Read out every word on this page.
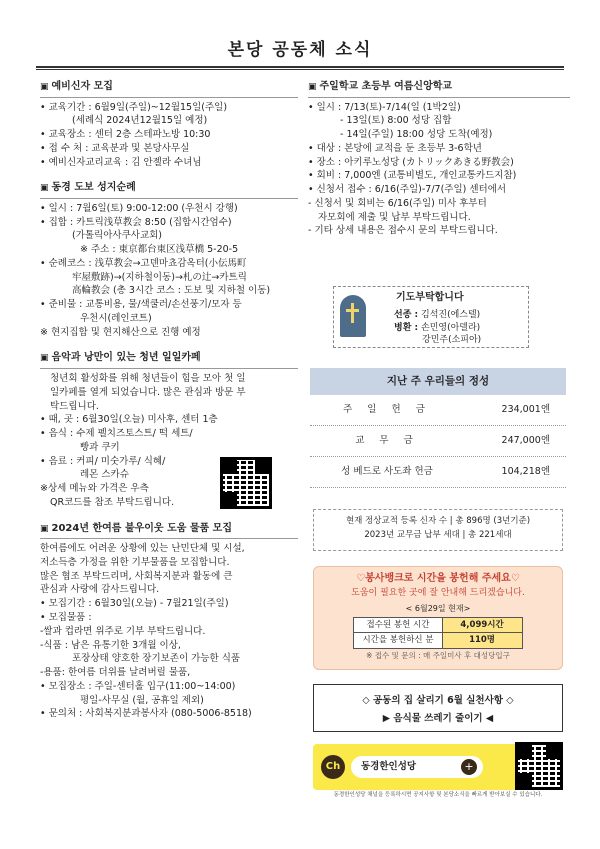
본당 공동체 소식
▣ 예비신자 모집
• 교육기간 : 6월9일(주일)~12월15일(주일)
(세례식 2024년12월15일 예정)
• 교육장소 : 센터 2층 스테파노방 10:30
• 접 수 처 : 교육분과 및 본당사무실
• 예비신자교리교육 : 김 안젤라 수녀님
▣ 동경 도보 성지순례
• 일시 : 7월6일(토) 9:00-12:00 (우천시 강행)
• 집합 : 카트릭浅草教会 8:50 (집합시간엄수)
(가톨릭아사쿠사교회)
※ 주소 : 東京都台東区浅草橋 5-20-5
• 순례코스 : 浅草教会→고덴마쵸감옥터(小伝馬町
牢屋敷跡)→(지하철이동)→札の辻→카트릭
高輪教会 (총 3시간 코스 : 도보 및 지하철 이동)
• 준비물 : 교통비용, 물/색쿨러/손선풍기/모자 등
우천시(레인코트)
※ 현지집합 및 현지해산으로 진행 예정
▣ 음악과 낭만이 있는 청년 일일카페
청년회 활성화를 위해 청년들이 힘을 모아 첫 일
일카페를 열게 되었습니다. 많은 관심과 방문 부
탁드립니다.
• 때, 곳 : 6월30일(오늘) 미사후, 센터 1층
• 음식 : 수제 펠치즈토스트/ 떡 세트/
빵과 쿠키
• 음료 : 커피/ 미숫가루/ 식혜/
레몬 스카슈
※상세 메뉴와 가격은 우측
QR코드를 참조 부탁드립니다.
▣ 2024년 한여름 불우이웃 도움 물품 모집
한여름에도 어려운 상황에 있는 난민단체 및 시설,
저소득층 가정을 위한 기부물품을 모집합니다.
많은 협조 부탁드리며, 사회복지분과 활동에 큰
관심과 사랑에 감사드립니다.
• 모집기간 : 6월30일(오늘) - 7월21일(주일)
• 모집물품 :
-쌀과 컵라면 위주로 기부 부탁드립니다.
-식품 : 남은 유통기한 3개월 이상,
포장상태 양호한 장기보존이 가능한 식품
-용품: 한여름 더위를 날려버릴 물품,
• 모집장소 : 주일-센터홀 입구(11:00~14:00)
평일-사무실 (월, 공휴일 제외)
• 문의처 : 사회복지분과봉사자 (080-5006-8518)
▣ 주일학교 초등부 여름신앙학교
• 일시 : 7/13(토)-7/14(일 (1박2일)
- 13일(토) 8:00 성당 집합
- 14일(주일) 18:00 성당 도착(예정)
• 대상 : 본당에 교적을 둔 초등부 3-6학년
• 장소 : 아키루노성당 (カトリックあきる野教会)
• 회비 : 7,000엔 (교통비별도, 개인교통카드지참)
• 신청서 접수 : 6/16(주일)-7/7(주일) 센터에서
- 신청서 및 회비는 6/16(주일) 미사 후부터
자모회에 제출 및 납부 부탁드립니다.
- 기타 상세 내용은 접수시 문의 부탁드립니다.
기도부탁합니다
선종 : 김석진(에스텔)
병환 : 손민영(아델라)
강민주(소피아)
지난 주 우리들의 정성
주 일 헌 금	234,001엔
교 무 금	247,000엔
성 베드로 사도좌 헌금	104,218엔
현재 정상교적 등록 신자 수 | 총 896명 (3년기준)
2023년 교무금 납부 세대 | 총 221세대
♡봉사뱅크로 시간을 봉헌해 주세요♡
도움이 필요한 곳에 잘 안내해 드리겠습니다.
< 6월29일 현재>
접수된 봉헌 시간	4,099시간
시간을 봉헌하신 분	110명
※ 접수 및 문의 : 매 주일미사 후 대성당입구
◇ 공동의 집 살리기 6월 실천사항 ◇
▶ 음식물 쓰레기 줄이기 ◀
Ch	동경한인성당	+
동경한인성당 채널을 등록하시면 공지사항 및 본당소식을 빠르게 받아보실 수 있습니다.
